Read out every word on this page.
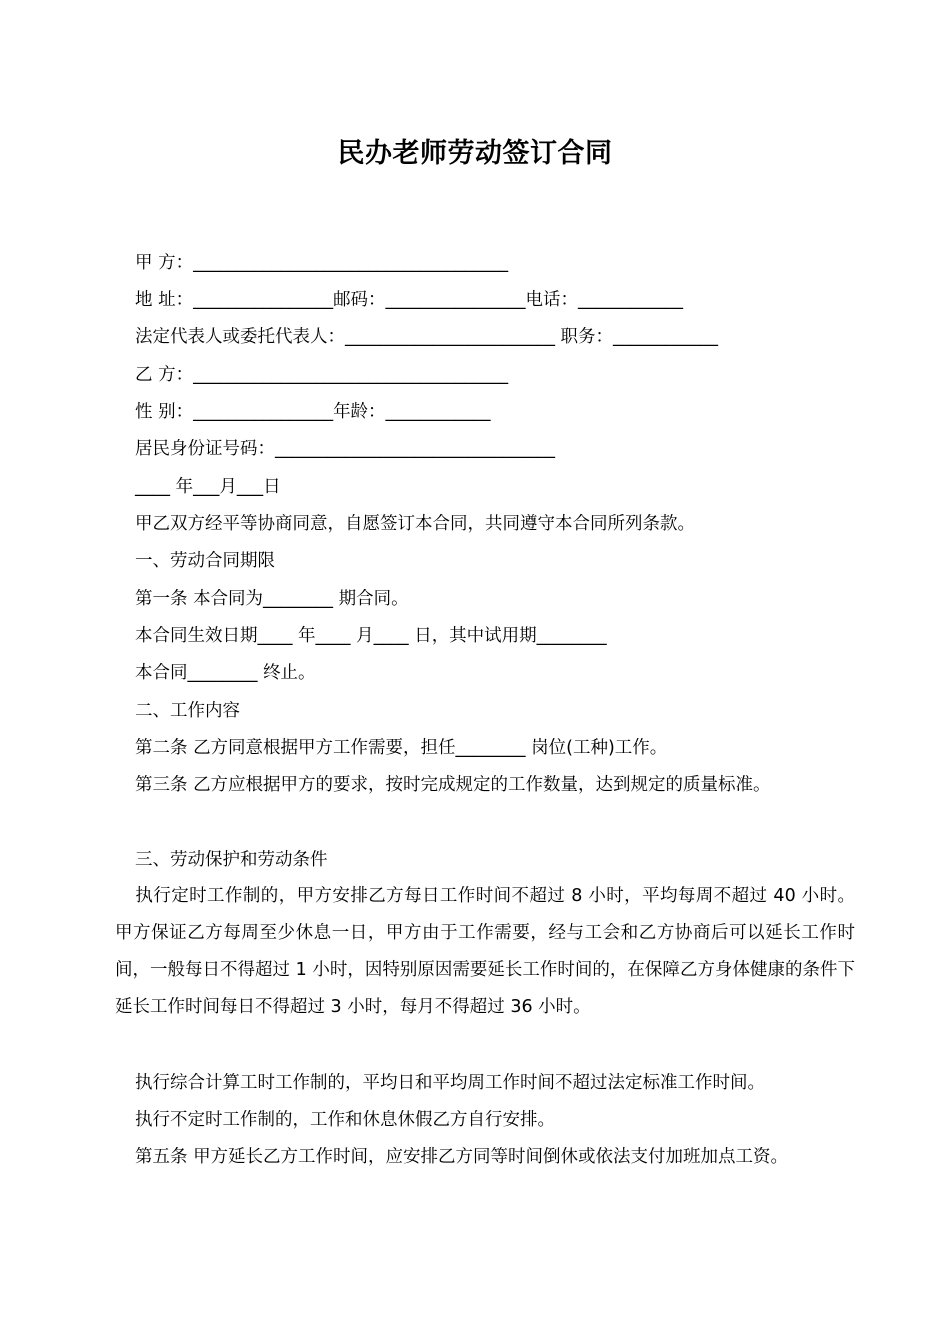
民办老师劳动签订合同
甲 方：____________________________________
地 址：________________邮码：________________电话：____________
法定代表人或委托代表人：________________________ 职务：____________
乙 方：____________________________________
性 别：________________年龄：____________
居民身份证号码：________________________________
____ 年___月___日
甲乙双方经平等协商同意，自愿签订本合同，共同遵守本合同所列条款。
一、劳动合同期限
第一条 本合同为________ 期合同。
本合同生效日期____ 年____ 月____ 日，其中试用期________
本合同________ 终止。
二、工作内容
第二条 乙方同意根据甲方工作需要，担任________ 岗位(工种)工作。
第三条 乙方应根据甲方的要求，按时完成规定的工作数量，达到规定的质量标准。
三、劳动保护和劳动条件
执行定时工作制的，甲方安排乙方每日工作时间不超过 8 小时，平均每周不超过 40 小时。甲方保证乙方每周至少休息一日，甲方由于工作需要，经与工会和乙方协商后可以延长工作时间，一般每日不得超过 1 小时，因特别原因需要延长工作时间的，在保障乙方身体健康的条件下延长工作时间每日不得超过 3 小时，每月不得超过 36 小时。
执行综合计算工时工作制的，平均日和平均周工作时间不超过法定标准工作时间。
执行不定时工作制的，工作和休息休假乙方自行安排。
第五条 甲方延长乙方工作时间，应安排乙方同等时间倒休或依法支付加班加点工资。
